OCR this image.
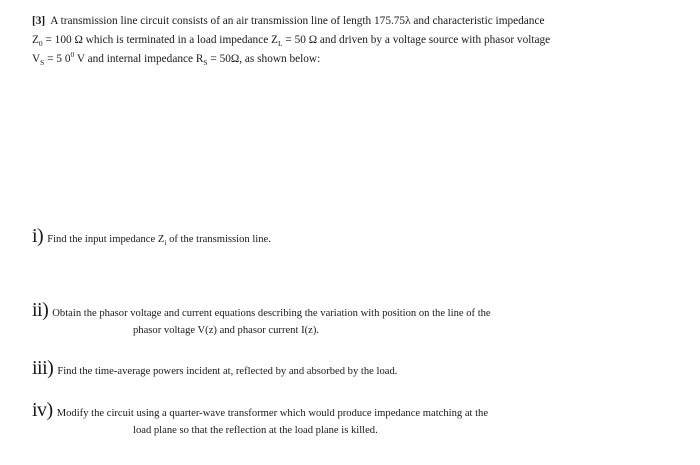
[3] A transmission line circuit consists of an air transmission line of length 175.75λ and characteristic impedance
$Z_0 = 100$ Ω which is terminated in a load impedance $Z_L = 50$ Ω and driven by a voltage source with phasor voltage
$V_S = 5$ $0^0$ V and internal impedance $R_S = 50\Omega$, as shown below:
i) Find the input impedance $Z_i$ of the transmission line.
ii) Obtain the phasor voltage and current equations describing the variation with position on the line of the
phasor voltage V(z) and phasor current I(z).
iii) Find the time-average powers incident at, reflected by and absorbed by the load.
iv) Modify the circuit using a quarter-wave transformer which would produce impedance matching at the
load plane so that the reflection at the load plane is killed.
